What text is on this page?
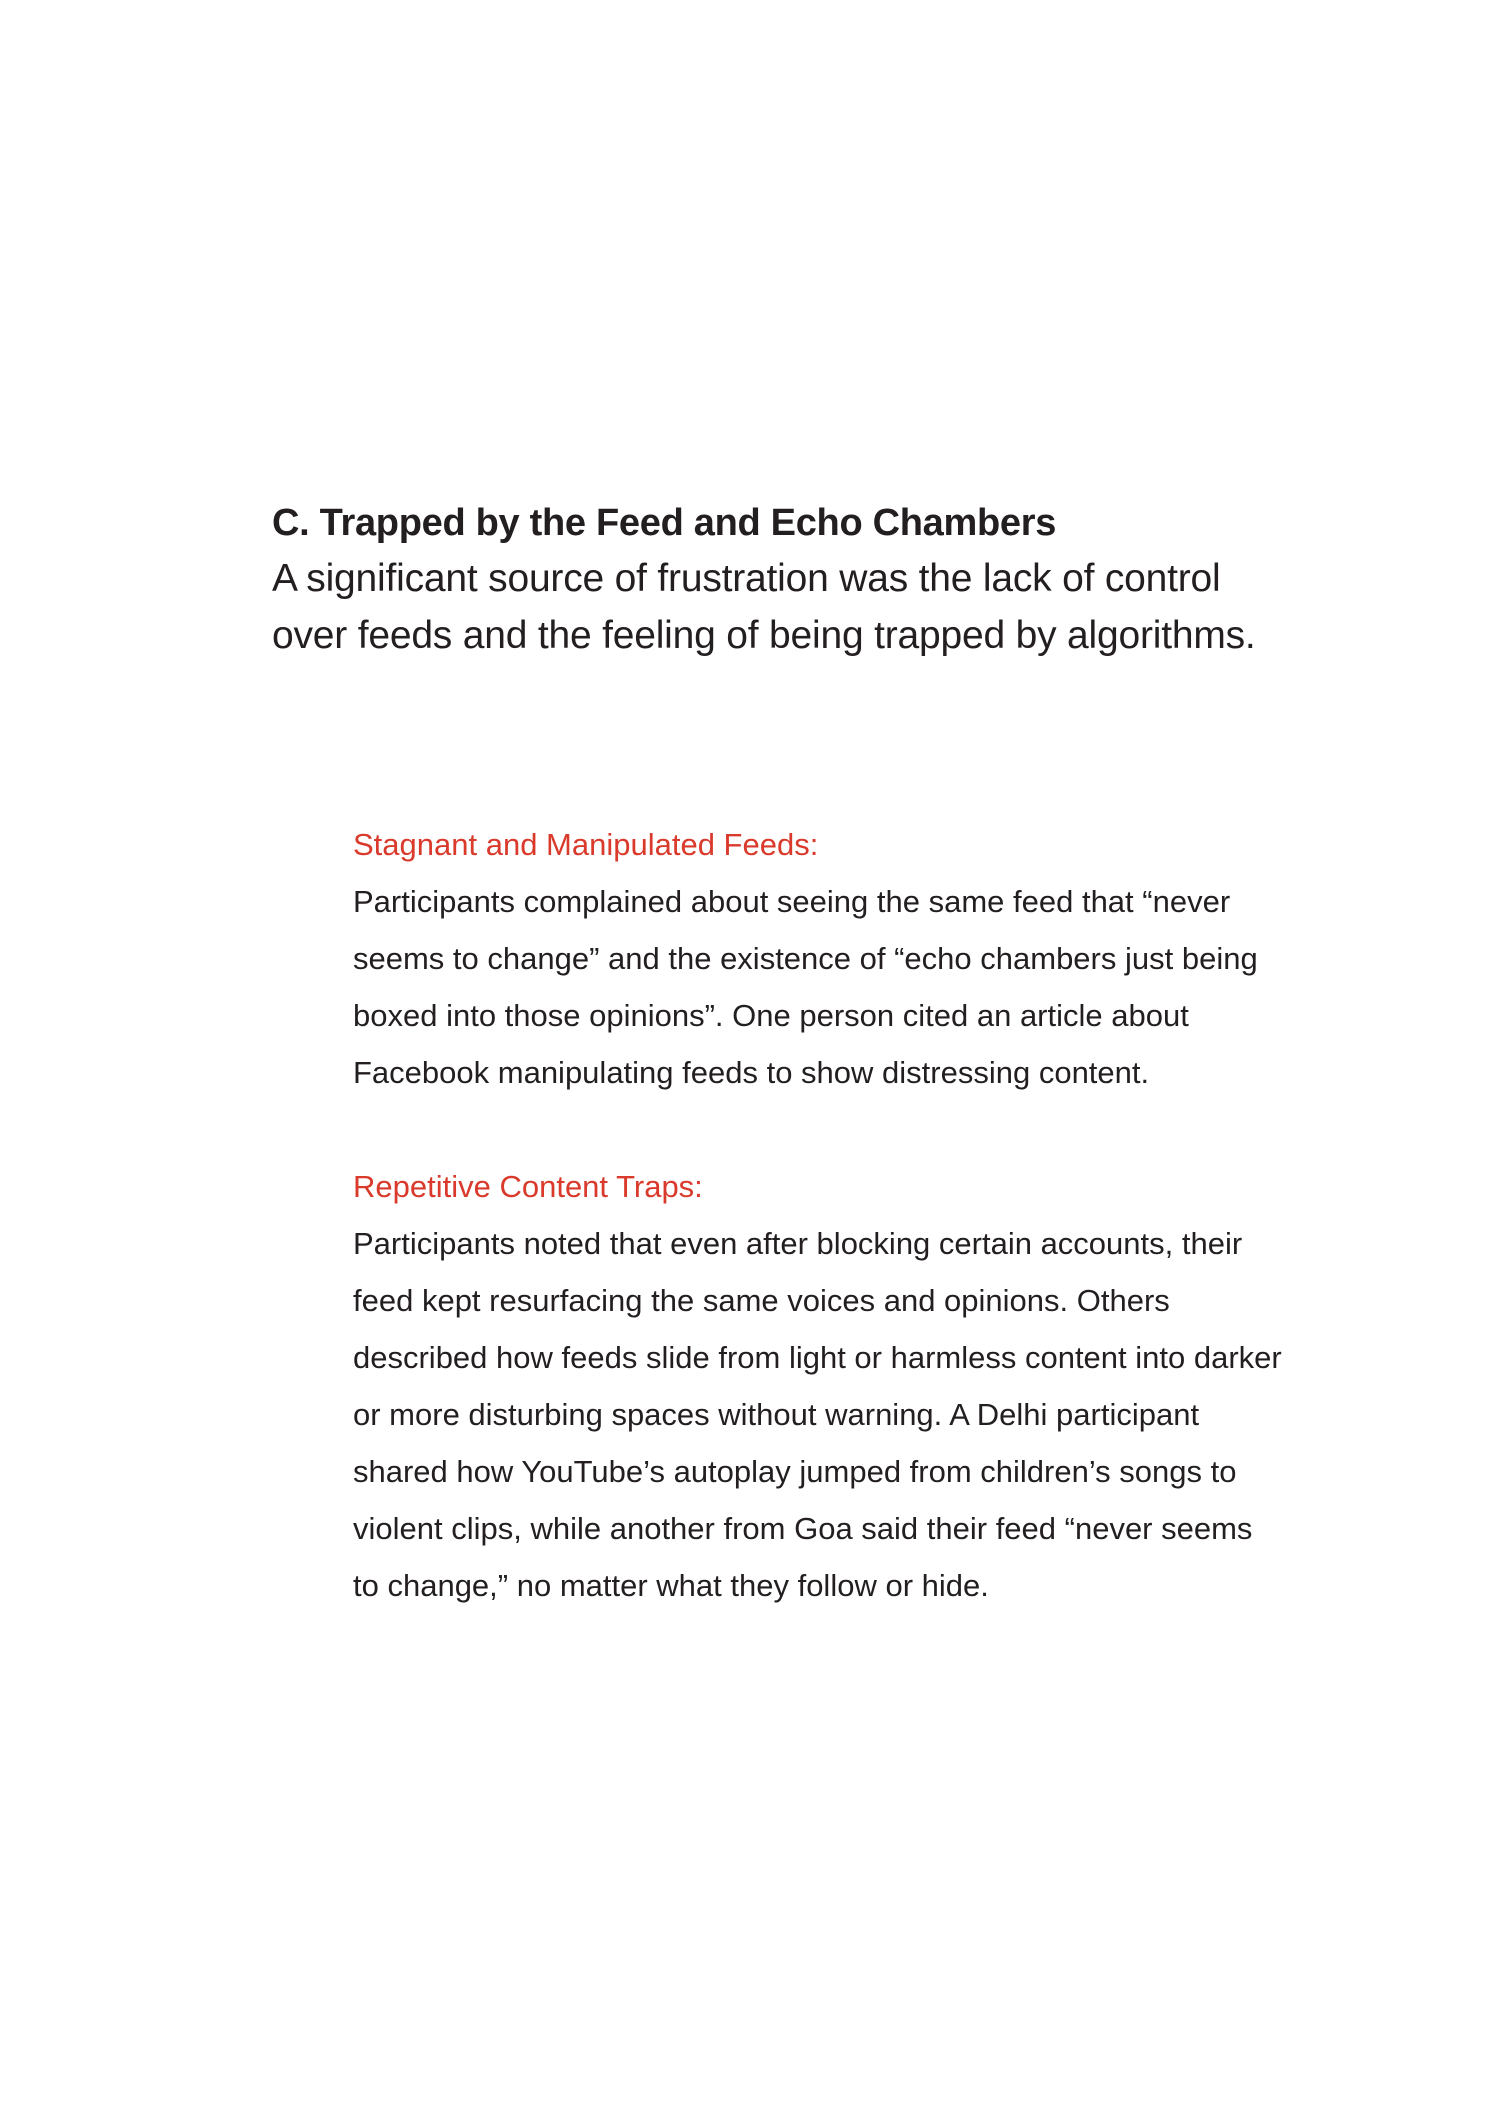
C. Trapped by the Feed and Echo Chambers

A significant source of frustration was the lack of control over feeds and the feeling of being trapped by algorithms.

Stagnant and Manipulated Feeds:

Participants complained about seeing the same feed that “never seems to change” and the existence of “echo chambers just being boxed into those opinions”. One person cited an article about Facebook manipulating feeds to show distressing content.

Repetitive Content Traps:

Participants noted that even after blocking certain accounts, their feed kept resurfacing the same voices and opinions. Others described how feeds slide from light or harmless content into darker or more disturbing spaces without warning. A Delhi participant shared how YouTube’s autoplay jumped from children’s songs to violent clips, while another from Goa said their feed “never seems to change,” no matter what they follow or hide.
